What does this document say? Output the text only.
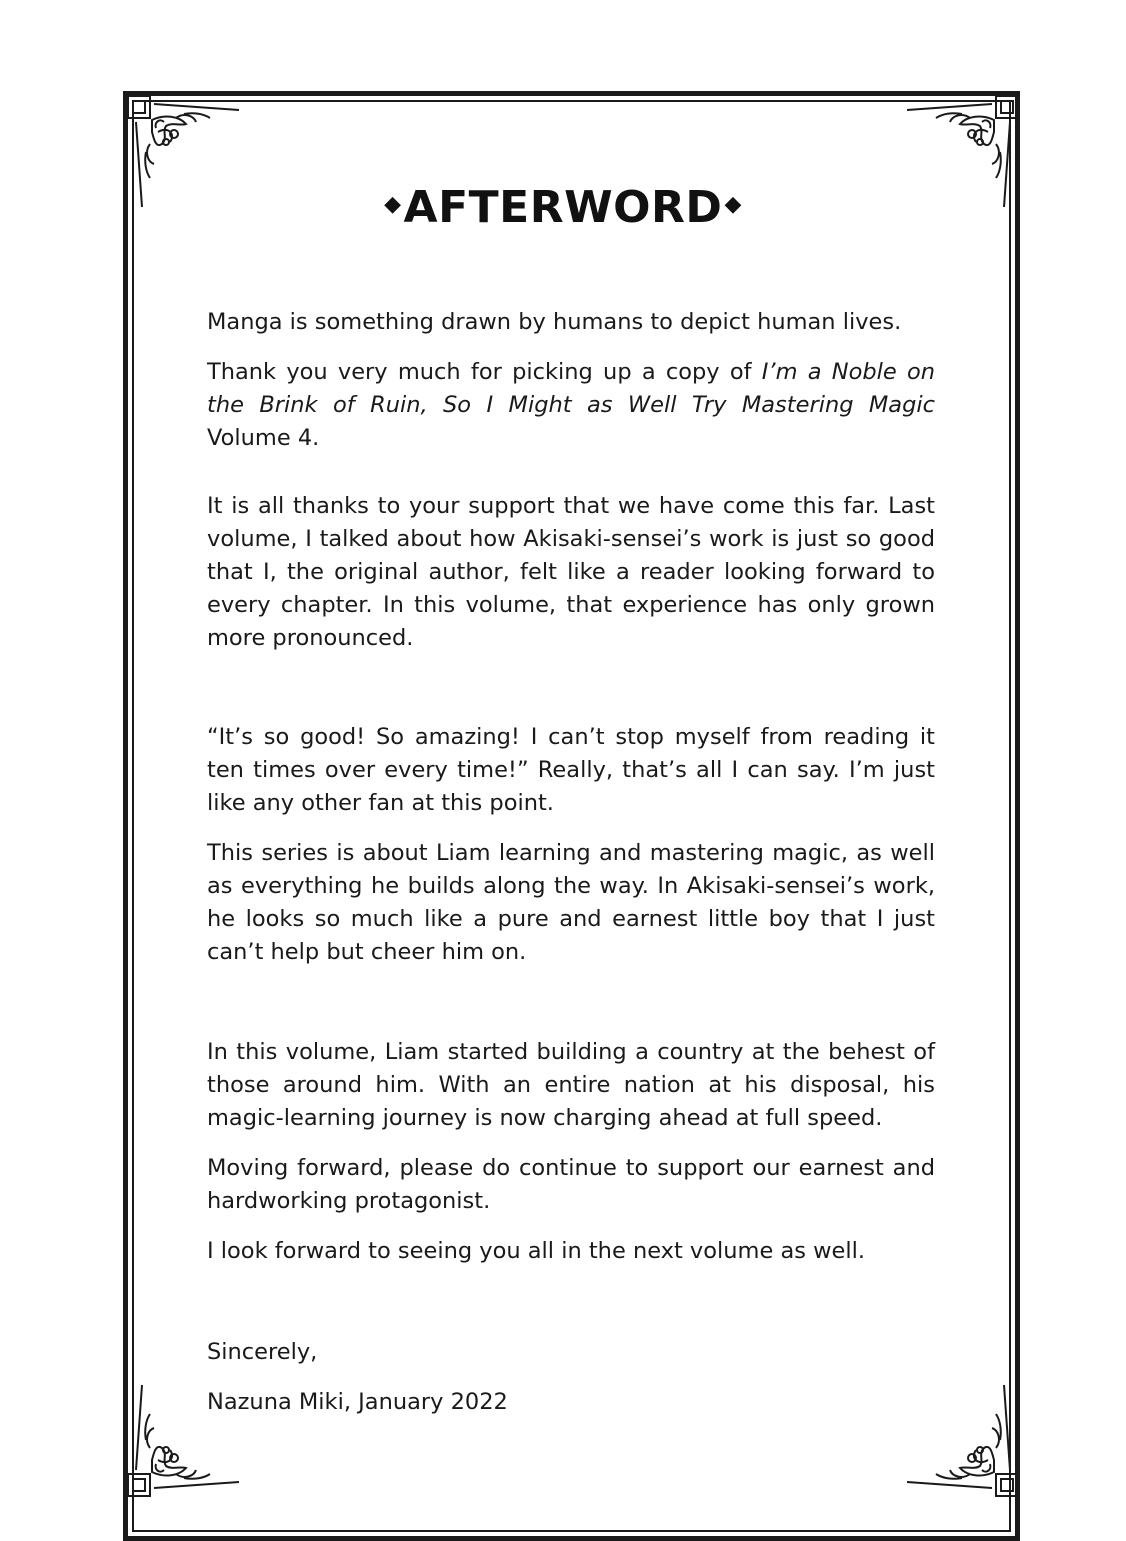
◆AFTERWORD◆
Manga is something drawn by humans to depict human lives.
Thank you very much for picking up a copy of I’m a Noble on the Brink of Ruin, So I Might as Well Try Mastering Magic Volume 4.
It is all thanks to your support that we have come this far. Last volume, I talked about how Akisaki-sensei’s work is just so good that I, the original author, felt like a reader looking forward to every chapter. In this volume, that experience has only grown more pronounced.
“It’s so good! So amazing! I can’t stop myself from reading it ten times over every time!” Really, that’s all I can say. I’m just like any other fan at this point.
This series is about Liam learning and mastering magic, as well as everything he builds along the way. In Akisaki-sensei’s work, he looks so much like a pure and earnest little boy that I just can’t help but cheer him on.
In this volume, Liam started building a country at the behest of those around him. With an entire nation at his disposal, his magic-learning journey is now charging ahead at full speed.
Moving forward, please do continue to support our earnest and hardworking protagonist.
I look forward to seeing you all in the next volume as well.
Sincerely,
Nazuna Miki, January 2022
